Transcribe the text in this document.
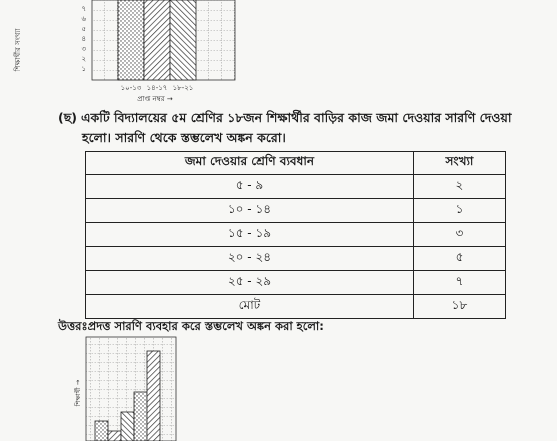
শিক্ষার্থীর সংখ্যা
৭
৬
৫
৪
৩
২
১
১০-১৩ ১৪-১৭ ১৮-২১
প্রাপ্ত নম্বর →
(ছ) একটি বিদ্যালয়ের ৫ম শ্রেণির ১৮জন শিক্ষার্থীর বাড়ির কাজ জমা দেওয়ার সারণি দেওয়া
হলো। সারণি থেকে স্তম্ভলেখ অঙ্কন করো।
জমা দেওয়ার শ্রেণি ব্যবধান	সংখ্যা
৫ - ৯	২
১০ - ১৪	১
১৫ - ১৯	৩
২০ - ২৪	৫
২৫ - ২৯	৭
মোট	১৮
উত্তরঃপ্রদত্ত সারণি ব্যবহার করে স্তম্ভলেখ অঙ্কন করা হলো:
শিক্ষার্থী →
